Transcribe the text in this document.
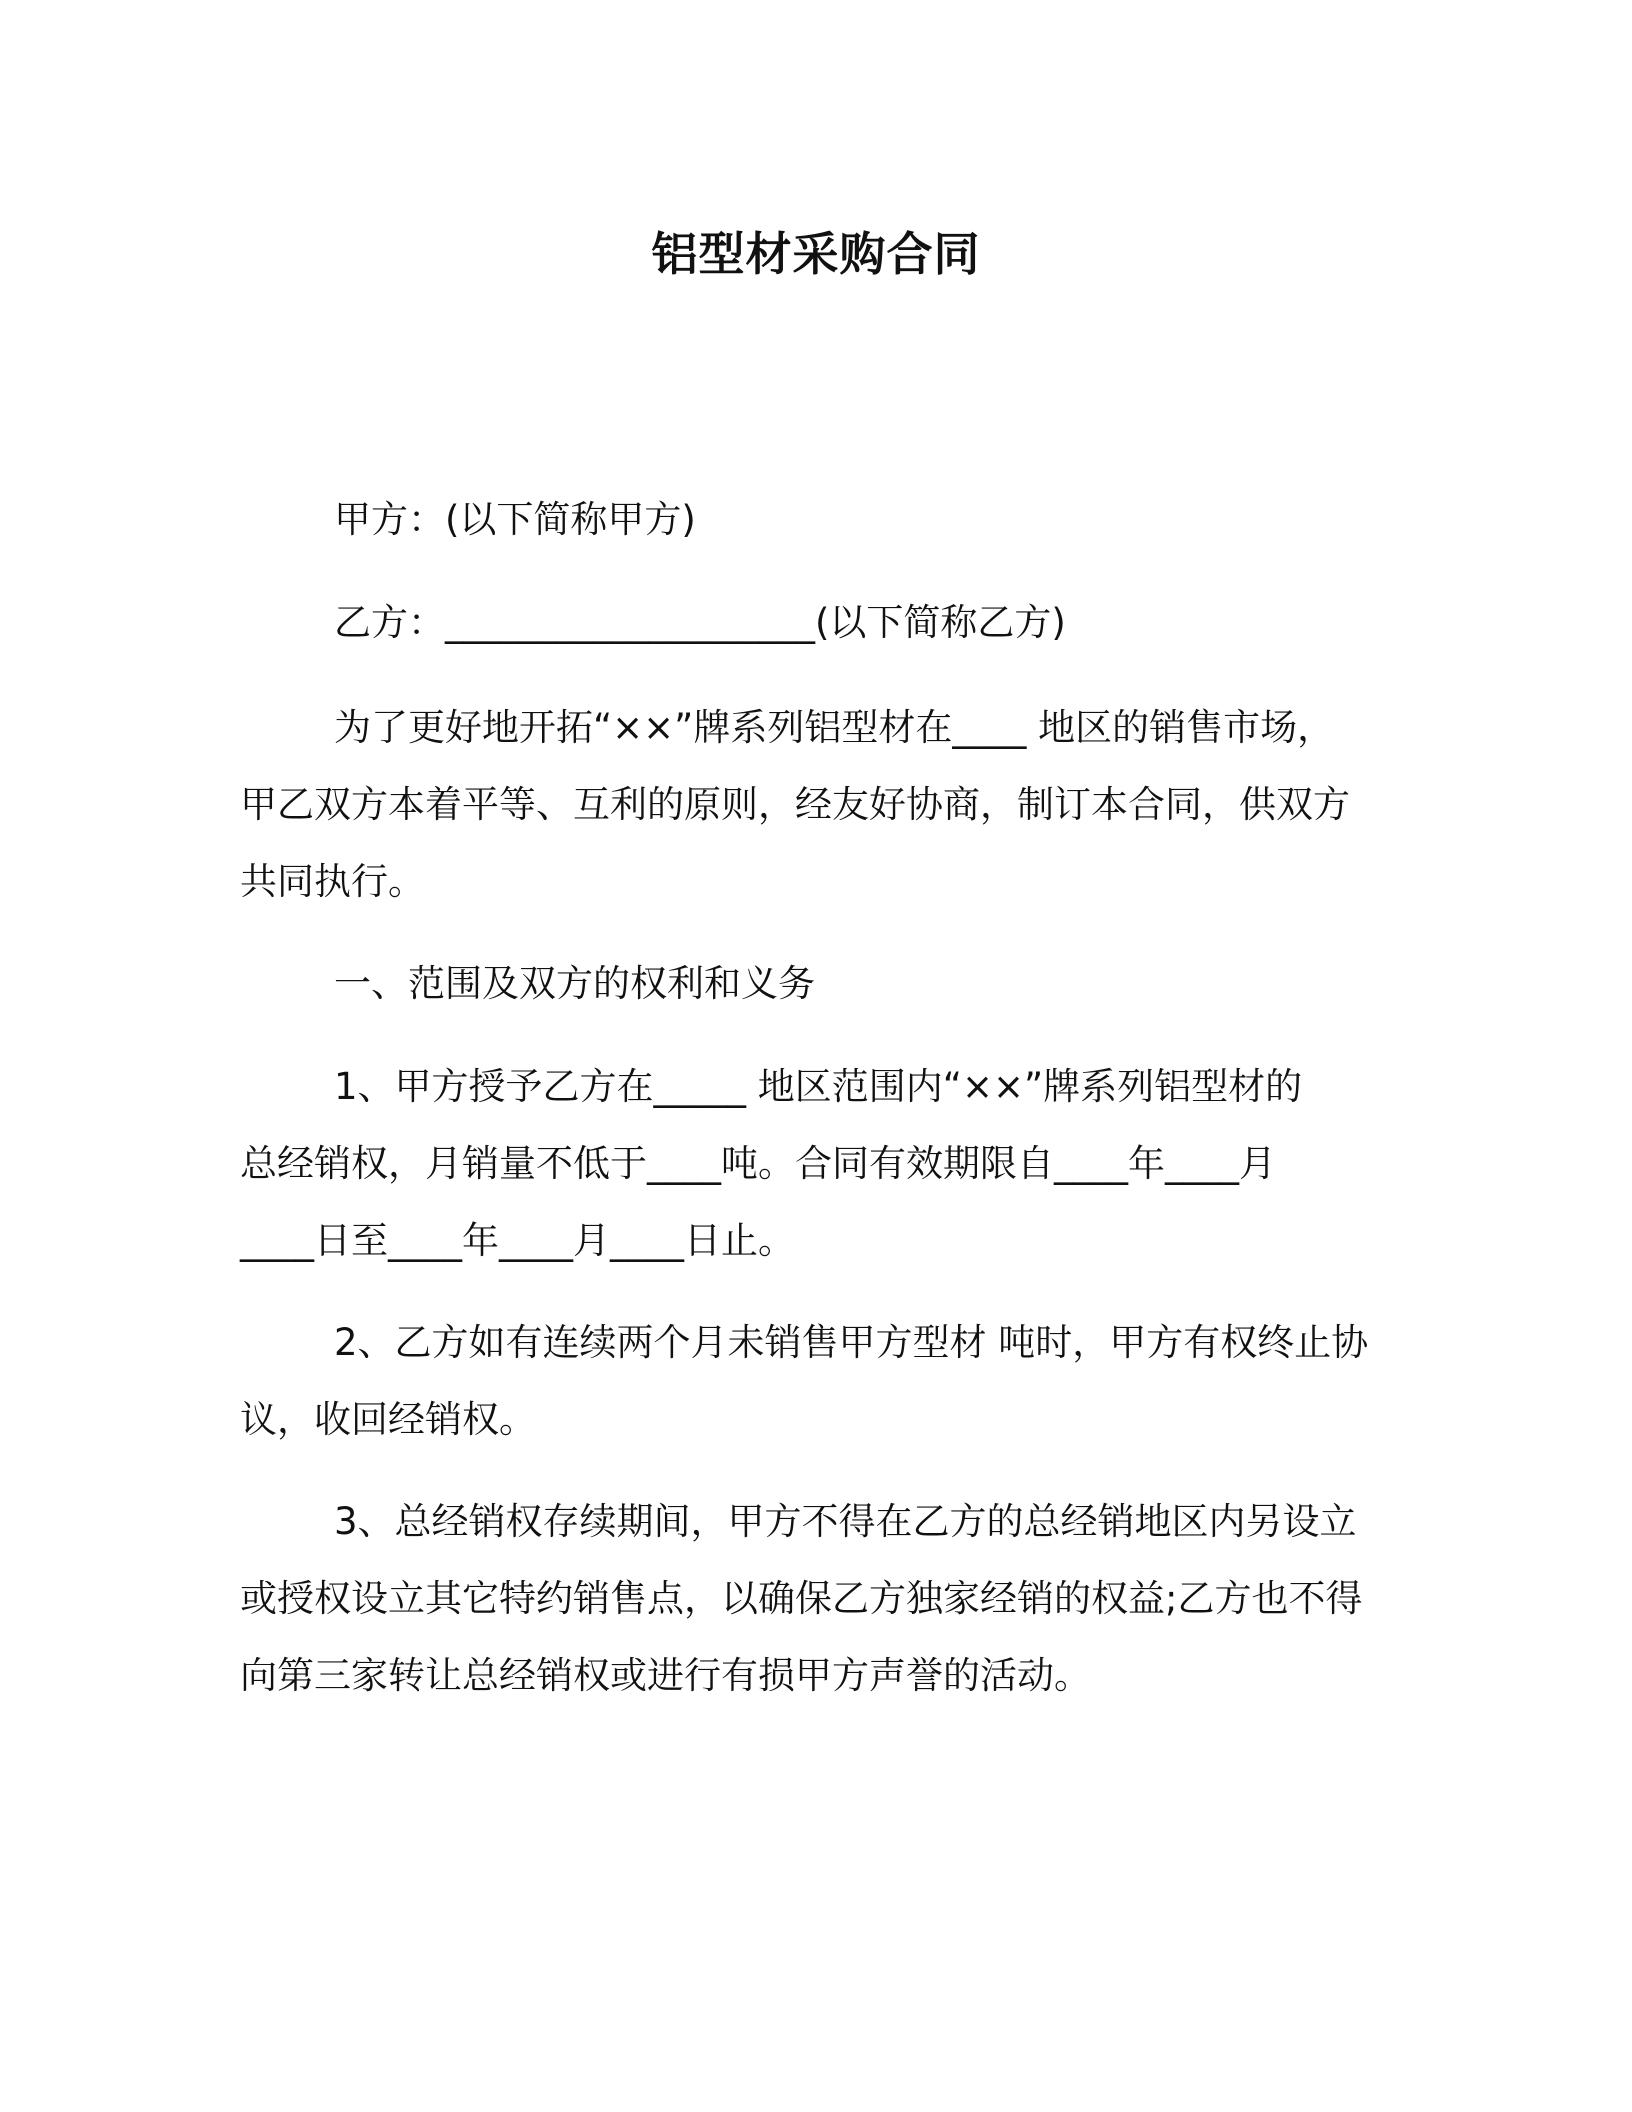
铝型材采购合同
甲方：(以下简称甲方)
乙方：____________________(以下简称乙方)
为了更好地开拓“××”牌系列铝型材在____ 地区的销售市场，
甲乙双方本着平等、互利的原则，经友好协商，制订本合同，供双方
共同执行。
一、范围及双方的权利和义务
1、甲方授予乙方在_____ 地区范围内“××”牌系列铝型材的
总经销权，月销量不低于____吨。合同有效期限自____年____月
____日至____年____月____日止。
2、乙方如有连续两个月未销售甲方型材 吨时，甲方有权终止协
议，收回经销权。
3、总经销权存续期间，甲方不得在乙方的总经销地区内另设立
或授权设立其它特约销售点，以确保乙方独家经销的权益;乙方也不得
向第三家转让总经销权或进行有损甲方声誉的活动。
